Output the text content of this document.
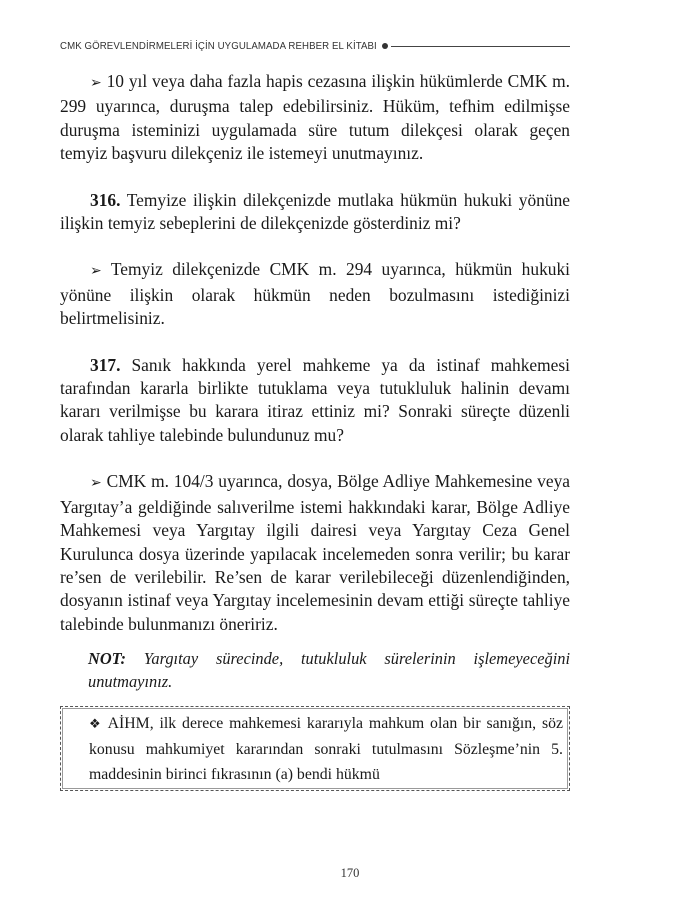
CMK GÖREVLENDİRMELERİ İÇİN UYGULAMADA REHBER EL KİTABI

➢ 10 yıl veya daha fazla hapis cezasına ilişkin hükümlerde CMK m. 299 uyarınca, duruşma talep edebilirsiniz. Hüküm, tefhim edilmişse duruşma isteminizi uygulamada süre tutum dilekçesi olarak geçen temyiz başvuru dilekçeniz ile istemeyi unutmayınız.

316. Temyize ilişkin dilekçenizde mutlaka hükmün hukuki yönüne ilişkin temyiz sebeplerini de dilekçenizde gösterdiniz mi?

➢ Temyiz dilekçenizde CMK m. 294 uyarınca, hükmün hukuki yönüne ilişkin olarak hükmün neden bozulmasını istediğinizi belirtmelisiniz.

317. Sanık hakkında yerel mahkeme ya da istinaf mahkemesi tarafından kararla birlikte tutuklama veya tutukluluk halinin devamı kararı verilmişse bu karara itiraz ettiniz mi? Sonraki süreçte düzenli olarak tahliye talebinde bulundunuz mu?

➢ CMK m. 104/3 uyarınca, dosya, Bölge Adliye Mahkemesine veya Yargıtay’a geldiğinde salıverilme istemi hakkındaki karar, Bölge Adliye Mahkemesi veya Yargıtay ilgili dairesi veya Yargıtay Ceza Genel Kurulunca dosya üzerinde yapılacak incelemeden sonra verilir; bu karar re’sen de verilebilir. Re’sen de karar verilebileceği düzenlendiğinden, dosyanın istinaf veya Yargıtay incelemesinin devam ettiği süreçte tahliye talebinde bulunmanızı öneririz.

NOT: Yargıtay sürecinde, tutukluluk sürelerinin işlemeyeceğini unutmayınız.

❖ AİHM, ilk derece mahkemesi kararıyla mahkum olan bir sanığın, söz konusu mahkumiyet kararından sonraki tutulmasını Sözleşme’nin 5. maddesinin birinci fıkrasının (a) bendi hükmü

170
